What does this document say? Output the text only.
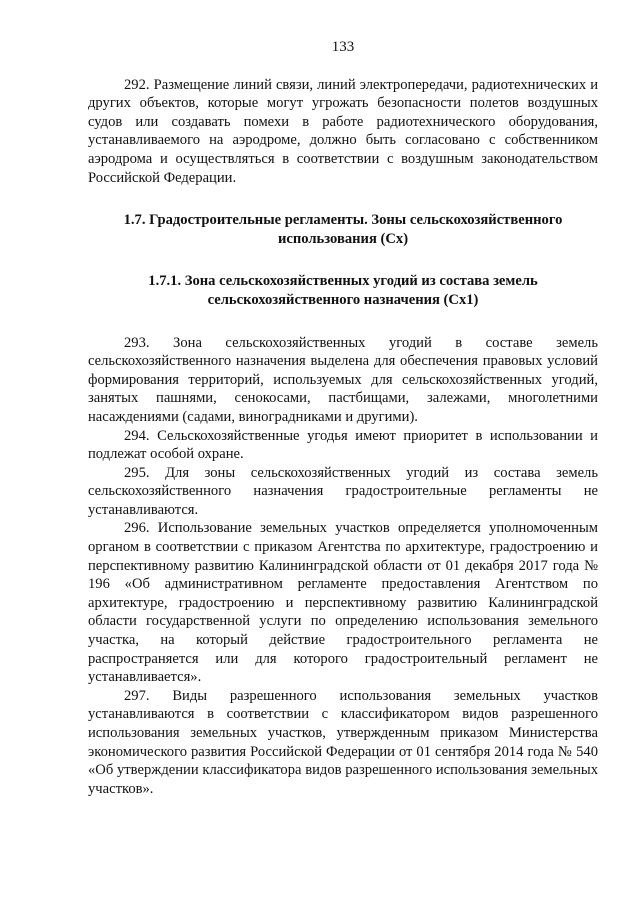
133

292. Размещение линий связи, линий электропередачи, радиотехнических и других объектов, которые могут угрожать безопасности полетов воздушных судов или создавать помехи в работе радиотехнического оборудования, устанавливаемого на аэродроме, должно быть согласовано с собственником аэродрома и осуществляться в соответствии с воздушным законодательством Российской Федерации.

1.7. Градостроительные регламенты. Зоны сельскохозяйственного использования (Сх)
1.7.1. Зона сельскохозяйственных угодий из состава земель сельскохозяйственного назначения (Сх1)

293. Зона сельскохозяйственных угодий в составе земель сельскохозяйственного назначения выделена для обеспечения правовых условий формирования территорий, используемых для сельскохозяйственных угодий, занятых пашнями, сенокосами, пастбищами, залежами, многолетними насаждениями (садами, виноградниками и другими).

294. Сельскохозяйственные угодья имеют приоритет в использовании и подлежат особой охране.

295. Для зоны сельскохозяйственных угодий из состава земель сельскохозяйственного назначения градостроительные регламенты не устанавливаются.

296. Использование земельных участков определяется уполномоченным органом в соответствии с приказом Агентства по архитектуре, градостроению и перспективному развитию Калининградской области от 01 декабря 2017 года № 196 «Об административном регламенте предоставления Агентством по архитектуре, градостроению и перспективному развитию Калининградской области государственной услуги по определению использования земельного участка, на который действие градостроительного регламента не распространяется или для которого градостроительный регламент не устанавливается».

297. Виды разрешенного использования земельных участков устанавливаются в соответствии с классификатором видов разрешенного использования земельных участков, утвержденным приказом Министерства экономического развития Российской Федерации от 01 сентября 2014 года № 540 «Об утверждении классификатора видов разрешенного использования земельных участков».
